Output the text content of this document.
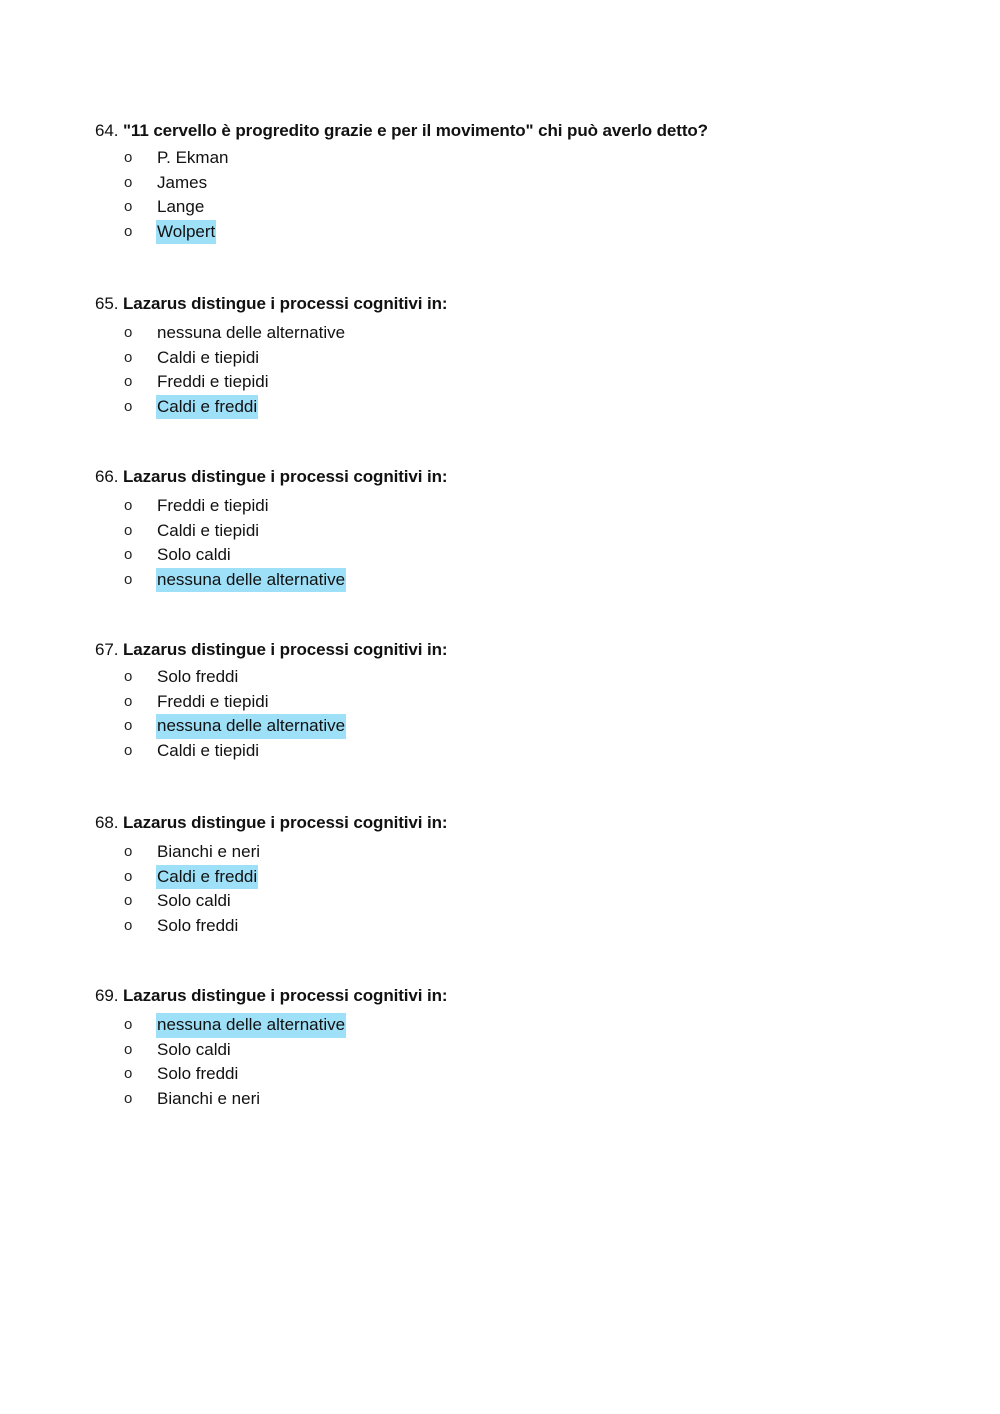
64. "11 cervello è progredito grazie e per il movimento" chi può averlo detto?
o P. Ekman
o James
o Lange
o Wolpert
65. Lazarus distingue i processi cognitivi in:
o nessuna delle alternative
o Caldi e tiepidi
o Freddi e tiepidi
o Caldi e freddi
66. Lazarus distingue i processi cognitivi in:
o Freddi e tiepidi
o Caldi e tiepidi
o Solo caldi
o nessuna delle alternative
67. Lazarus distingue i processi cognitivi in:
o Solo freddi
o Freddi e tiepidi
o nessuna delle alternative
o Caldi e tiepidi
68. Lazarus distingue i processi cognitivi in:
o Bianchi e neri
o Caldi e freddi
o Solo caldi
o Solo freddi
69. Lazarus distingue i processi cognitivi in:
o nessuna delle alternative
o Solo caldi
o Solo freddi
o Bianchi e neri
